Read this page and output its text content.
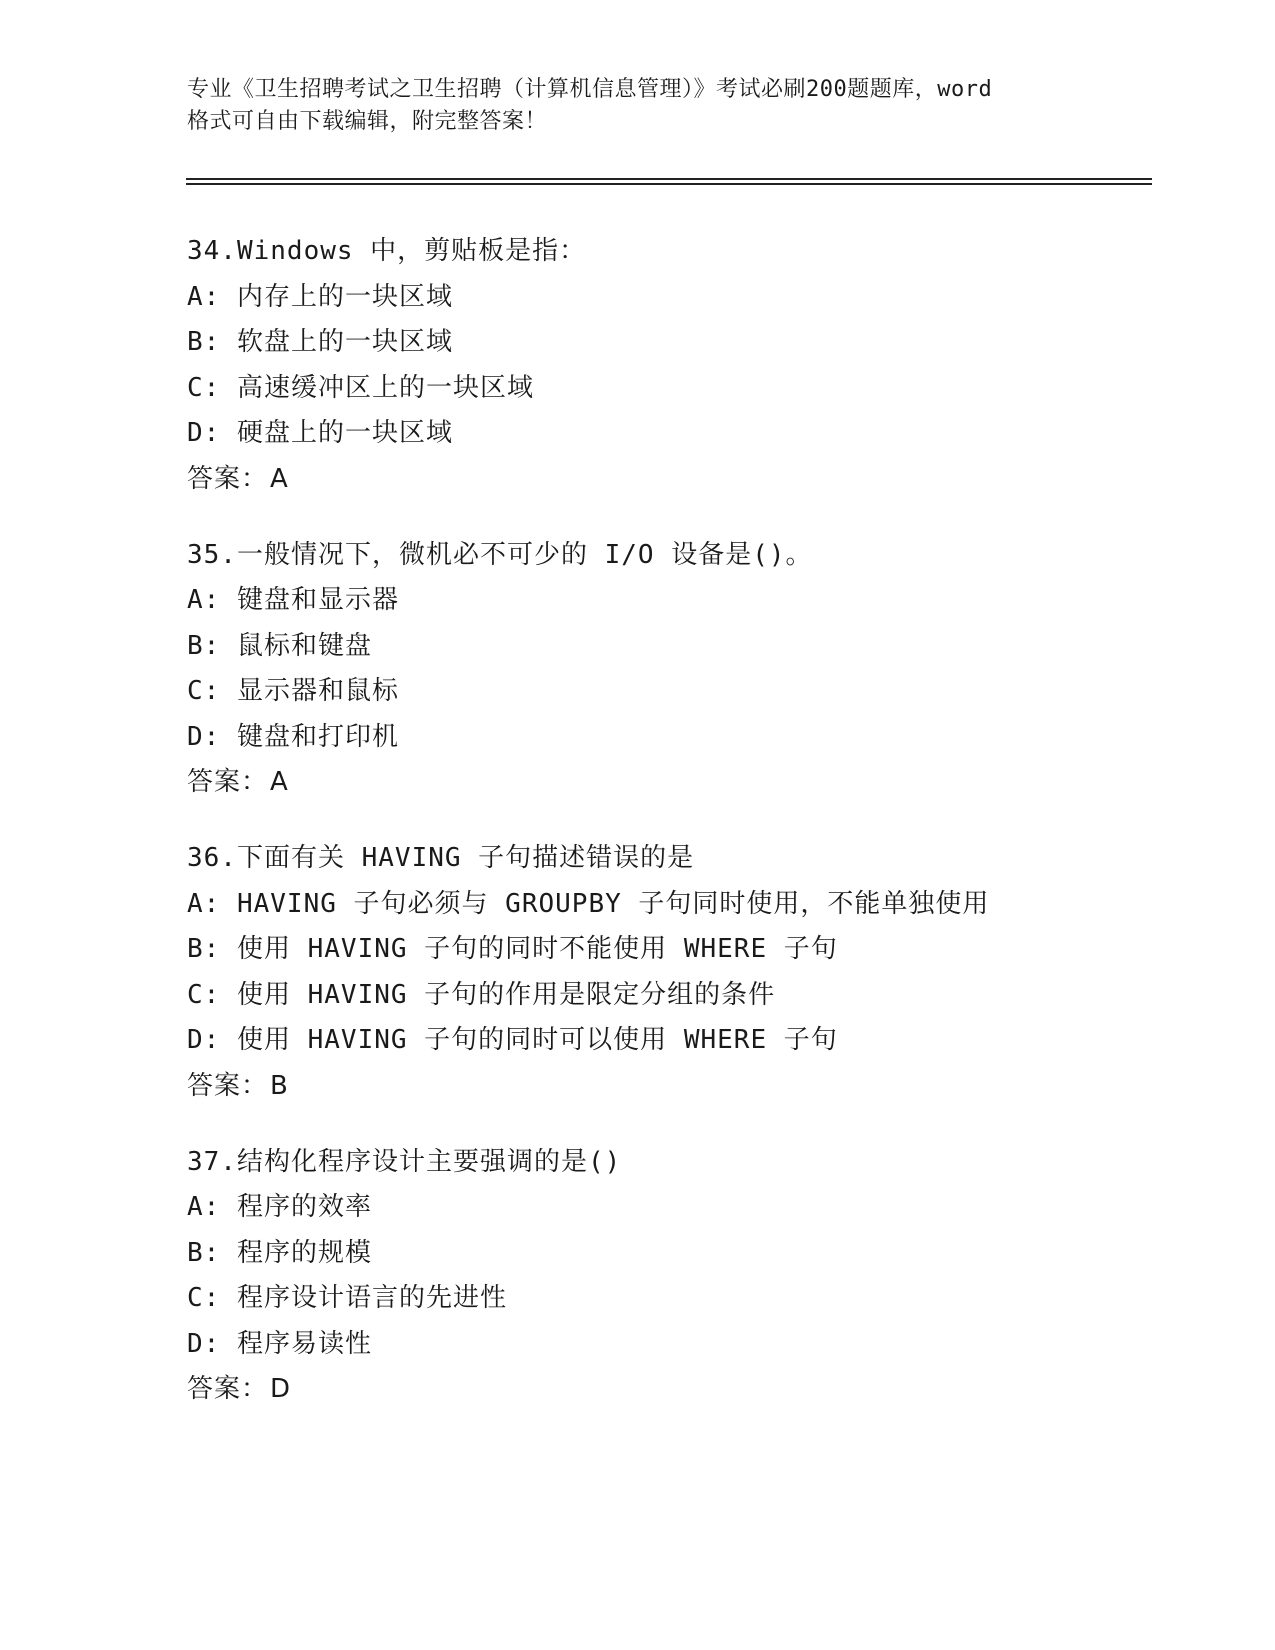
专业《卫生招聘考试之卫生招聘（计算机信息管理）》考试必刷200题题库，word
格式可自由下载编辑，附完整答案！
34.Windows 中，剪贴板是指：
A: 内存上的一块区域
B: 软盘上的一块区域
C: 高速缓冲区上的一块区域
D: 硬盘上的一块区域
答案：A
35.一般情况下，微机必不可少的 I/O 设备是()。
A: 键盘和显示器
B: 鼠标和键盘
C: 显示器和鼠标
D: 键盘和打印机
答案：A
36.下面有关 HAVING 子句描述错误的是
A: HAVING 子句必须与 GROUPBY 子句同时使用，不能单独使用
B: 使用 HAVING 子句的同时不能使用 WHERE 子句
C: 使用 HAVING 子句的作用是限定分组的条件
D: 使用 HAVING 子句的同时可以使用 WHERE 子句
答案：B
37.结构化程序设计主要强调的是()
A: 程序的效率
B: 程序的规模
C: 程序设计语言的先进性
D: 程序易读性
答案：D
